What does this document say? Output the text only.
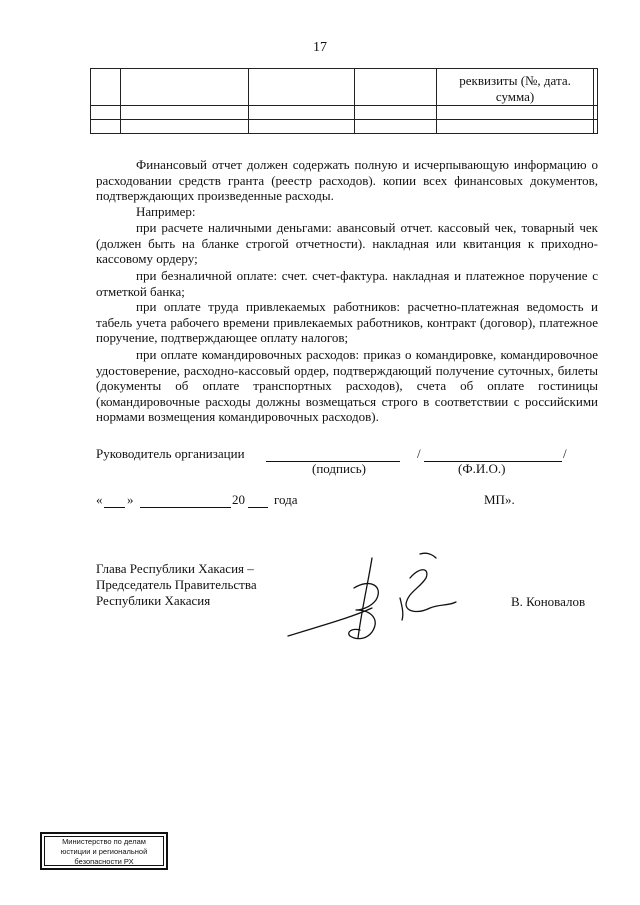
17

				реквизиты (№, дата.
сумма)	

Финансовый отчет должен содержать полную и исчерпывающую информацию о расходовании средств гранта (реестр расходов). копии всех финансовых документов, подтверждающих произведенные расходы.
Например:
при расчете наличными деньгами: авансовый отчет. кассовый чек, товарный чек (должен быть на бланке строгой отчетности). накладная или квитанция к приходно-кассовому ордеру;
при безналичной оплате: счет. счет-фактура. накладная и платежное поручение с отметкой банка;
при оплате труда привлекаемых работников: расчетно-платежная ведомость и табель учета рабочего времени привлекаемых работников, контракт (договор), платежное поручение, подтверждающее оплату налогов;
при оплате командировочных расходов: приказ о командировке, командировочное удостоверение, расходно-кассовый ордер, подтверждающий получение суточных, билеты (документы об оплате транспортных расходов), счета об оплате гостиницы (командировочные расходы должны возмещаться строго в соответствии с российскими нормами возмещения командировочных расходов).
Руководитель организации	/	/
(подпись)	(Ф.И.О.)
« »	20 года	МП».
Глава Республики Хакасия –
Председатель Правительства
Республики Хакасия	В. Коновалов
Министерство по делам
юстиции и региональной
безопасности РХ
